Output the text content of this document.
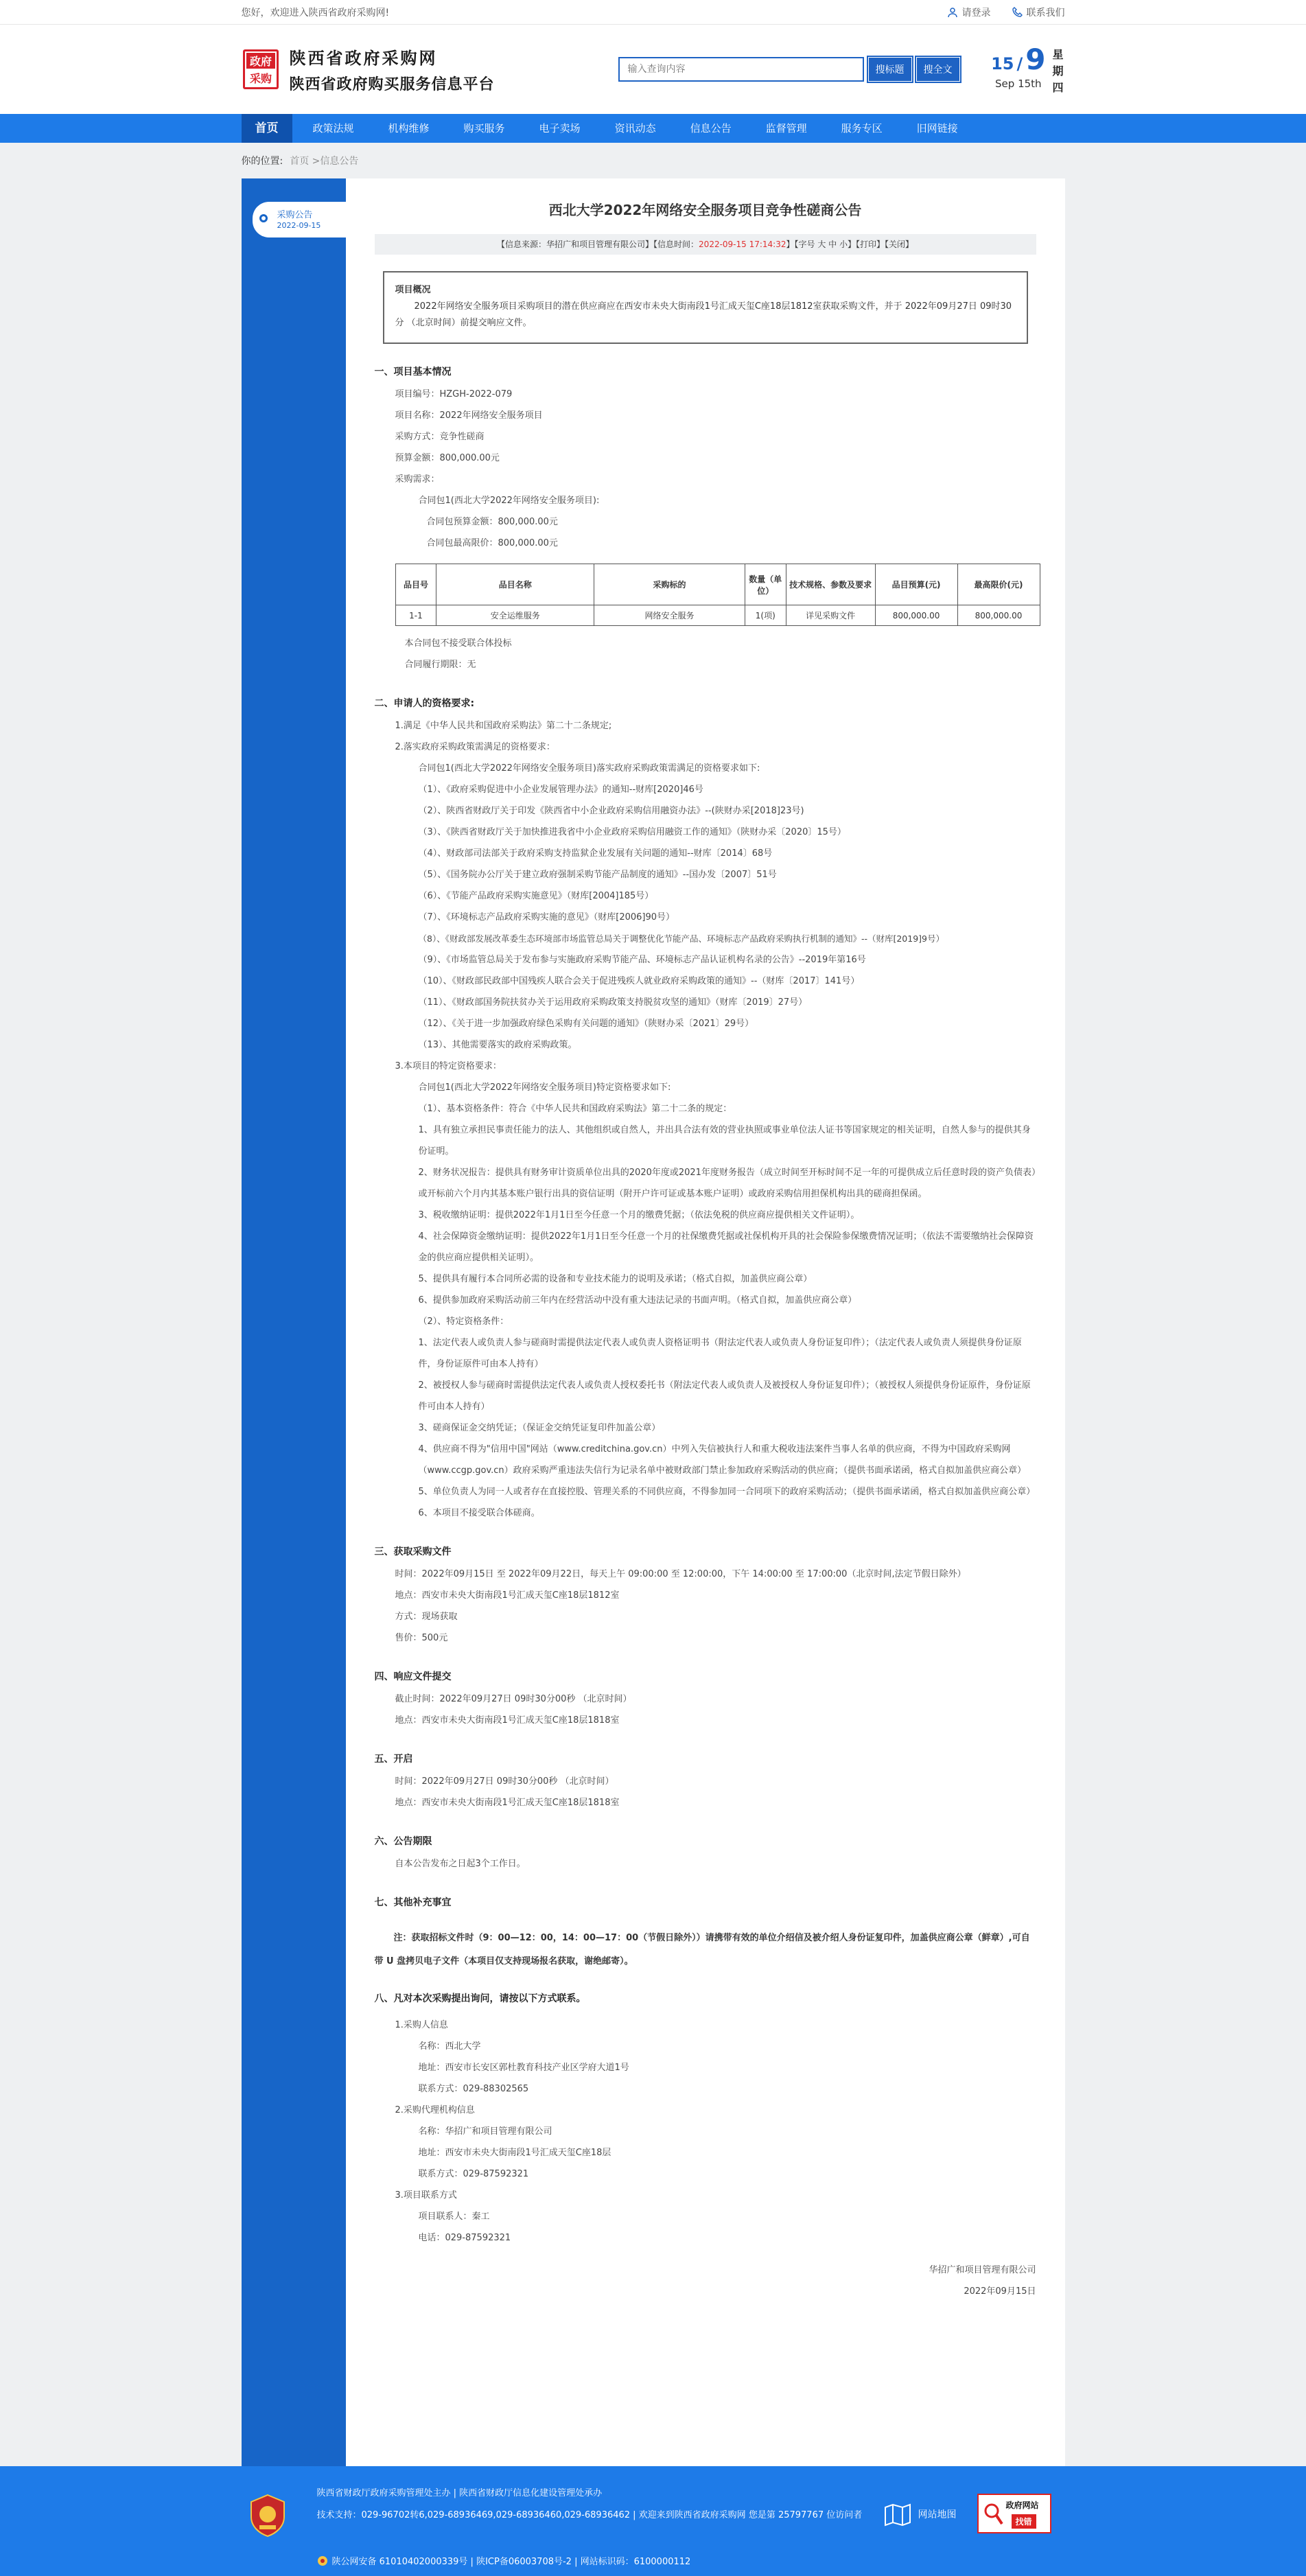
您好，欢迎进入陕西省政府采购网!	请登录	联系我们
政府
采购
陕西省政府采购网
陕西省政府购买服务信息平台
输入查询内容
搜标题	搜全文	15 / 9
Sep 15th
星期四
首页	政策法规	机构维修	购买服务	电子卖场	资讯动态	信息公告	监督管理	服务专区	旧网链接
你的位置: 首页 >信息公告
采购公告
2022-09-15
西北大学2022年网络安全服务项目竞争性磋商公告
【信息来源：华招广和项目管理有限公司】【信息时间：2022-09-15 17:14:32】【字号 大 中 小】【打印】【关闭】
项目概况

2022年网络安全服务项目采购项目的潜在供应商应在西安市未央大街南段1号汇成天玺C座18层1812室获取采购文件，并于 2022年09月27日 09时30分 （北京时间）前提交响应文件。

一、项目基本情况
项目编号：HZGH-2022-079
项目名称：2022年网络安全服务项目
采购方式：竞争性磋商
预算金额：800,000.00元
采购需求：
合同包1(西北大学2022年网络安全服务项目):
合同包预算金额：800,000.00元
合同包最高限价：800,000.00元
品目号	品目名称	采购标的	数量（单位）	技术规格、参数及要求	品目预算(元)	最高限价(元)
1-1	安全运维服务	网络安全服务	1(项)	详见采购文件	800,000.00	800,000.00
本合同包不接受联合体投标
合同履行期限：无
二、申请人的资格要求:
1.满足《中华人民共和国政府采购法》第二十二条规定;
2.落实政府采购政策需满足的资格要求：
合同包1(西北大学2022年网络安全服务项目)落实政府采购政策需满足的资格要求如下:
（1）、《政府采购促进中小企业发展管理办法》的通知--财库[2020]46号
（2）、陕西省财政厅关于印发《陕西省中小企业政府采购信用融资办法》--(陕财办采[2018]23号)
（3）、《陕西省财政厅关于加快推进我省中小企业政府采购信用融资工作的通知》（陕财办采〔2020〕15号）
（4）、财政部司法部关于政府采购支持监狱企业发展有关问题的通知--财库〔2014〕68号
（5）、《国务院办公厅关于建立政府强制采购节能产品制度的通知》--国办发〔2007〕51号
（6）、《节能产品政府采购实施意见》（财库[2004]185号）
（7）、《环境标志产品政府采购实施的意见》（财库[2006]90号）
（8）、《财政部发展改革委生态环境部市场监管总局关于调整优化节能产品、环境标志产品政府采购执行机制的通知》--（财库[2019]9号）
（9）、《市场监管总局关于发布参与实施政府采购节能产品、环境标志产品认证机构名录的公告》--2019年第16号
（10）、《财政部民政部中国残疾人联合会关于促进残疾人就业政府采购政策的通知》--（财库〔2017〕141号）
（11）、《财政部国务院扶贫办关于运用政府采购政策支持脱贫攻坚的通知》（财库〔2019〕27号）
（12）、《关于进一步加强政府绿色采购有关问题的通知》（陕财办采〔2021〕29号）
（13）、其他需要落实的政府采购政策。
3.本项目的特定资格要求：
合同包1(西北大学2022年网络安全服务项目)特定资格要求如下:
（1）、基本资格条件：符合《中华人民共和国政府采购法》第二十二条的规定：
1、具有独立承担民事责任能力的法人、其他组织或自然人，并出具合法有效的营业执照或事业单位法人证书等国家规定的相关证明，自然人参与的提供其身份证明。
2、财务状况报告：提供具有财务审计资质单位出具的2020年度或2021年度财务报告（成立时间至开标时间不足一年的可提供成立后任意时段的资产负债表）或开标前六个月内其基本账户银行出具的资信证明（附开户许可证或基本账户证明）或政府采购信用担保机构出具的磋商担保函。
3、税收缴纳证明：提供2022年1月1日至今任意一个月的缴费凭据；（依法免税的供应商应提供相关文件证明）。
4、社会保障资金缴纳证明：提供2022年1月1日至今任意一个月的社保缴费凭据或社保机构开具的社会保险参保缴费情况证明；（依法不需要缴纳社会保障资金的供应商应提供相关证明）。
5、提供具有履行本合同所必需的设备和专业技术能力的说明及承诺；（格式自拟，加盖供应商公章）
6、提供参加政府采购活动前三年内在经营活动中没有重大违法记录的书面声明。（格式自拟，加盖供应商公章）
（2）、特定资格条件：
1、法定代表人或负责人参与磋商时需提供法定代表人或负责人资格证明书（附法定代表人或负责人身份证复印件）；（法定代表人或负责人须提供身份证原件，身份证原件可由本人持有）
2、被授权人参与磋商时需提供法定代表人或负责人授权委托书（附法定代表人或负责人及被授权人身份证复印件）；（被授权人须提供身份证原件，身份证原件可由本人持有）
3、磋商保证金交纳凭证；（保证金交纳凭证复印件加盖公章）
4、供应商不得为"信用中国"网站（www.creditchina.gov.cn）中列入失信被执行人和重大税收违法案件当事人名单的供应商，不得为中国政府采购网（www.ccgp.gov.cn）政府采购严重违法失信行为记录名单中被财政部门禁止参加政府采购活动的供应商；（提供书面承诺函，格式自拟加盖供应商公章）
5、单位负责人为同一人或者存在直接控股、管理关系的不同供应商，不得参加同一合同项下的政府采购活动；（提供书面承诺函，格式自拟加盖供应商公章）
6、本项目不接受联合体磋商。
三、获取采购文件
时间：2022年09月15日 至 2022年09月22日，每天上午 09:00:00 至 12:00:00，下午 14:00:00 至 17:00:00（北京时间,法定节假日除外）
地点：西安市未央大街南段1号汇成天玺C座18层1812室
方式：现场获取
售价：500元
四、响应文件提交
截止时间：2022年09月27日 09时30分00秒 （北京时间）
地点：西安市未央大街南段1号汇成天玺C座18层1818室
五、开启
时间：2022年09月27日 09时30分00秒 （北京时间）
地点：西安市未央大街南段1号汇成天玺C座18层1818室
六、公告期限
自本公告发布之日起3个工作日。
七、其他补充事宜
注：获取招标文件时（9：00—12：00，14：00—17：00（节假日除外））请携带有效的单位介绍信及被介绍人身份证复印件，加盖供应商公章（鲜章）,可自带 U 盘拷贝电子文件（本项目仅支持现场报名获取，谢绝邮寄）。
八、凡对本次采购提出询问，请按以下方式联系。
1.采购人信息
名称：西北大学
地址：西安市长安区郭杜教育科技产业区学府大道1号
联系方式：029-88302565
2.采购代理机构信息
名称：华招广和项目管理有限公司
地址：西安市未央大街南段1号汇成天玺C座18层
联系方式：029-87592321
3.项目联系方式
项目联系人：秦工
电话：029-87592321
华招广和项目管理有限公司
2022年09月15日
陕西省财政厅政府采购管理处主办 | 陕西省财政厅信息化建设管理处承办
技术支持：029-96702转6,029-68936469,029-68936460,029-68936462 | 欢迎来到陕西省政府采购网 您是第 25797767 位访问者
陕公网安备 61010402000339号 | 陕ICP备06003708号-2 | 网站标识码：6100000112
网站地图
政府网站
找错
